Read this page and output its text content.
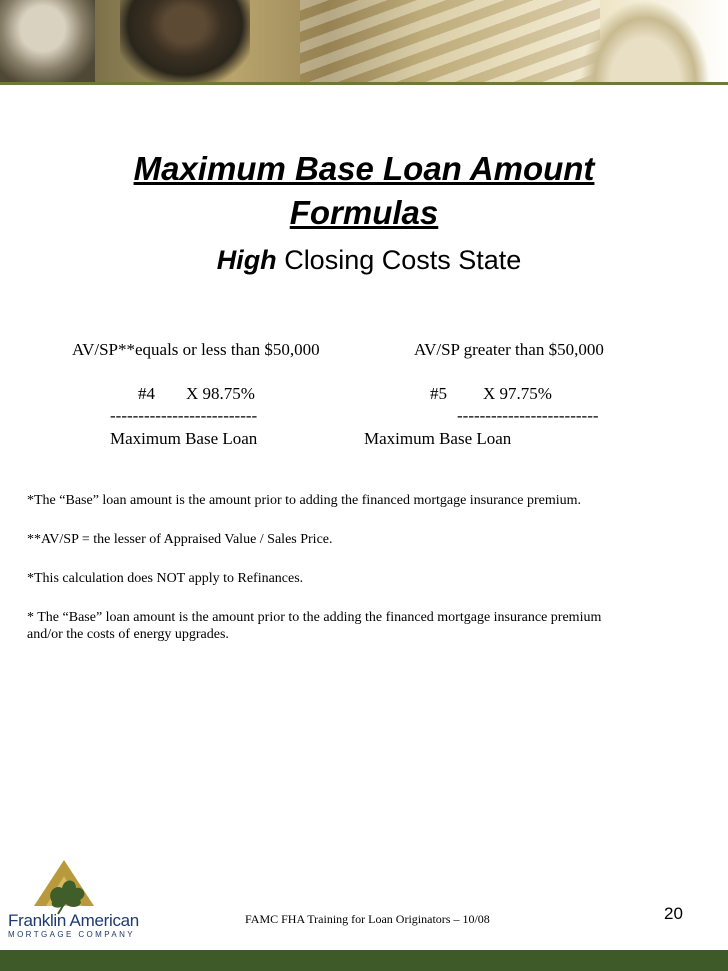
Maximum Base Loan Amount
Formulas
High Closing Costs State
AV/SP**equals or less than $50,000
#4 X 98.75%
--------------------------
Maximum Base Loan
AV/SP greater than $50,000
#5 X 97.75%
-------------------------
Maximum Base Loan
*The “Base” loan amount is the amount prior to adding the financed mortgage insurance premium.
**AV/SP = the lesser of Appraised Value / Sales Price.
*This calculation does NOT apply to Refinances.
* The “Base” loan amount is the amount prior to the adding the financed mortgage insurance premium
and/or the costs of energy upgrades.
Franklin American
MORTGAGE COMPANY
FAMC FHA Training for Loan Originators – 10/08	20
